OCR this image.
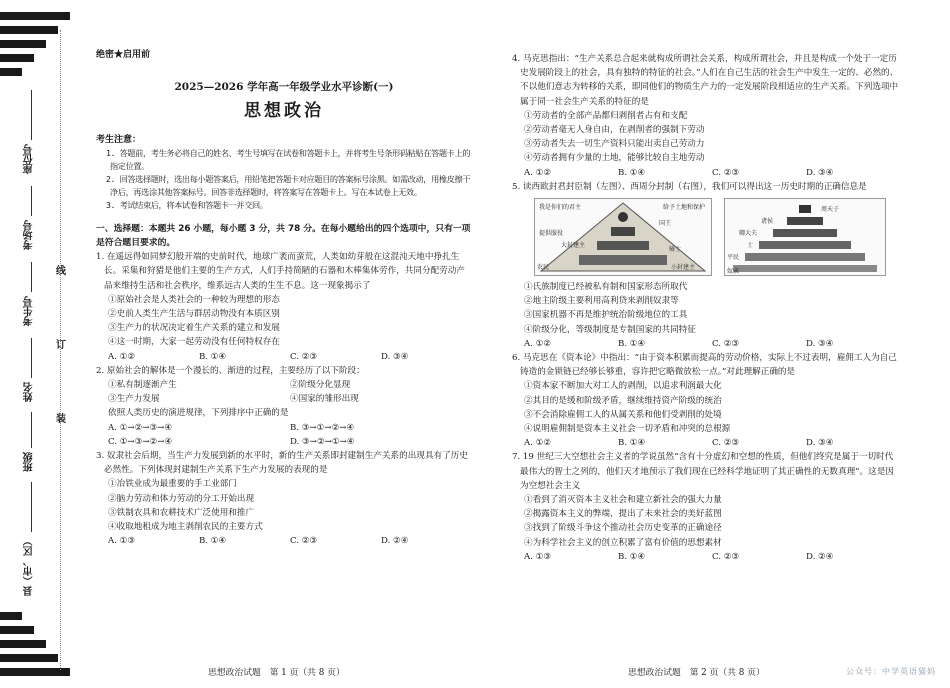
座位号
考场号
考生号
姓名
班级
县（市、区）
线
订
装
绝密★启用前
2025—2026 学年高一年级学业水平诊断(一)
思想政治
考生注意：
1. 答题前，考生务必将自己的姓名、考生号填写在试卷和答题卡上，并将考生号条形码粘贴在答题卡上的指定位置。
2. 回答选择题时，选出每小题答案后，用铅笔把答题卡对应题目的答案标号涂黑。如需改动，用橡皮擦干净后，再选涂其他答案标号。回答非选择题时，将答案写在答题卡上。写在本试卷上无效。
3. 考试结束后，将本试卷和答题卡一并交回。
一、选择题：本题共 26 小题，每小题 3 分，共 78 分。在每小题给出的四个选项中，只有一项是符合题目要求的。
1. 在遥远得如同梦幻般开端的史前时代，地球广袤而蛮荒，人类如幼芽般在这混沌天地中挣扎生长。采集和狩猎是他们主要的生产方式，人们手持简陋的石器和木棒集体劳作，共同分配劳动产品来维持生活和社会秩序，维系远古人类的生生不息。这一现象揭示了
①原始社会是人类社会的一种较为理想的形态
②史前人类生产生活与群居动物没有本质区别
③生产力的状况决定着生产关系的建立和发展
④这一时期，大家一起劳动没有任何特权存在
A. ①②	B. ①④	C. ②③	D. ③④
2. 原始社会的解体是一个漫长的、渐进的过程，主要经历了以下阶段：
①私有制逐渐产生	②阶级分化显现
③生产力发展	④国家的雏形出现
依照人类历史的演进规律，下列排序中正确的是
A. ①→②→③→④	B. ③→①→②→④
C. ①→③→②→④	D. ③→②→①→④
3. 奴隶社会后期，当生产力发展到新的水平时，新的生产关系即封建制生产关系的出现具有了历史必然性。下列体现封建制生产关系下生产力发展的表现的是
①冶铁业成为最重要的手工业部门
②脑力劳动和体力劳动的分工开始出现
③铁制农具和农耕技术广泛使用和推广
④收取地租成为地主剥削农民的主要方式
A. ①③	B. ①④	C. ②③	D. ②④
4. 马克思指出：“生产关系总合起来就构成所谓社会关系，构成所谓社会，并且是构成一个处于一定历史发展阶段上的社会，具有独特的特征的社会。”人们在自己生活的社会生产中发生一定的、必然的、不以他们意志为转移的关系，即同他们的物质生产力的一定发展阶段相适应的生产关系。下列选项中属于同一社会生产关系的特征的是
①劳动者的全部产品都归剥削者占有和支配
②劳动者毫无人身自由，在剥削者的强制下劳动
③劳动者失去一切生产资料只能出卖自己劳动力
④劳动者拥有少量的土地，能够比较自主地劳动
A. ①②	B. ①④	C. ②③	D. ③④
5. 读西欧封君封臣制（左图）、西周分封制（右图），我们可以得出这一历史时期的正确信息是
我是你们的君主	给予土地和保护
提供服役
大封建主
骑士
农民
国王
小封建主
周天子
诸侯
卿大夫
士
平民
奴隶
①氏族制度已经被私有制和国家形态所取代
②地主阶级主要利用高利贷来剥削奴隶等
③国家机器不再是维护统治阶级地位的工具
④阶级分化，等级制度是专制国家的共同特征
A. ①②	B. ①④	C. ②③	D. ③④
6. 马克思在《资本论》中指出：“由于资本积累而提高的劳动价格，实际上不过表明，雇佣工人为自己铸造的金锁链已经够长够重，容许把它略微放松一点。”对此理解正确的是
①资本家不断加大对工人的剥削，以追求利润最大化
②其目的是缓和阶级矛盾，继续维持资产阶级的统治
③不会消除雇佣工人的从属关系和他们受剥削的处境
④说明雇佣制是资本主义社会一切矛盾和冲突的总根源
A. ①②	B. ①④	C. ②③	D. ③④
7. 19 世纪三大空想社会主义者的学说虽然“含有十分虚幻和空想的性质，但他们终究是属于一切时代最伟大的智士之列的，他们天才地预示了我们现在已经科学地证明了其正确性的无数真理”。这是因为空想社会主义
①看到了消灭资本主义社会和建立新社会的强大力量
②揭露资本主义的弊端，提出了未来社会的美好蓝图
③找到了阶级斗争这个推动社会历史变革的正确途径
④为科学社会主义的创立积累了富有价值的思想素材
A. ①③	B. ①④	C. ②③	D. ②④
思想政治试题　第 1 页（共 8 页）	思想政治试题　第 2 页（共 8 页）	公众号：中学英语猫妈
